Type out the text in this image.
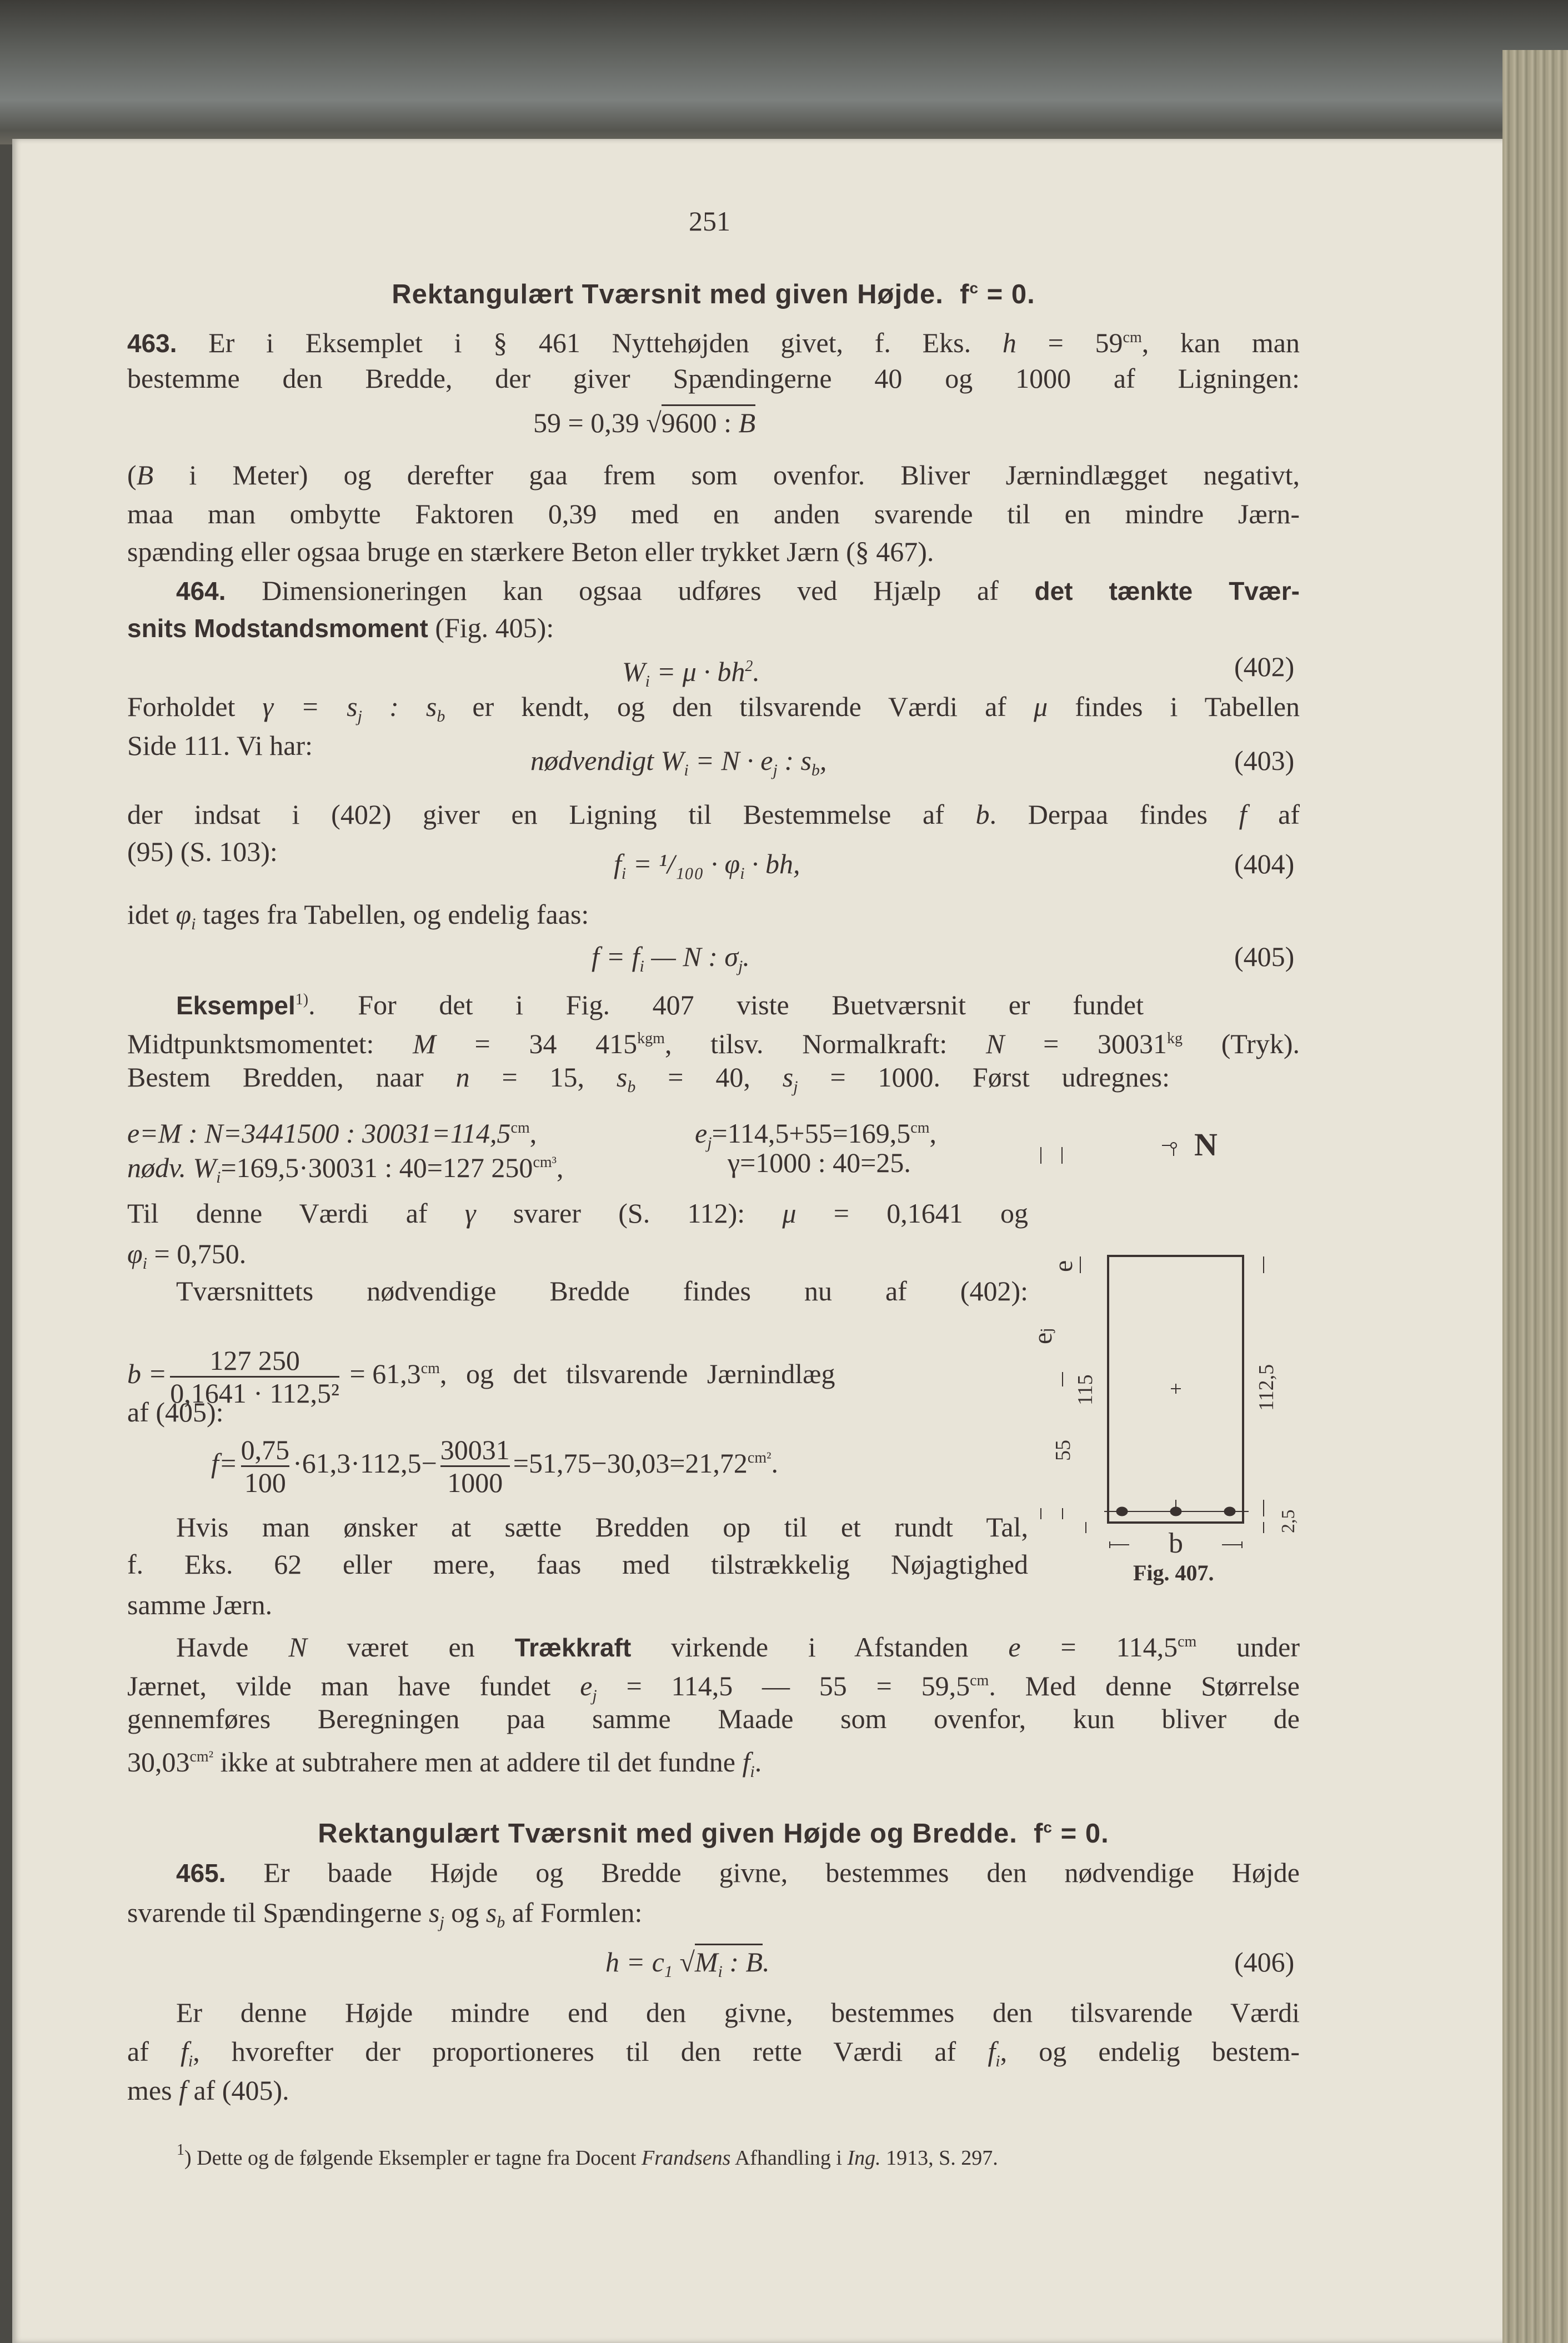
251
Rektangulært Tværsnit med given Højde. $f^c = 0$.
463. Er i Eksemplet i § 461 Nyttehøjden givet, f. Eks. $h = 59^{cm}$, kan man
bestemme den Bredde, der giver Spændingerne 40 og 1000 af Ligningen:
59 = 0,39 √9600 : B
(B i Meter) og derefter gaa frem som ovenfor. Bliver Jærnindlægget negativt,
maa man ombytte Faktoren 0,39 med en anden svarende til en mindre Jærn-
spænding eller ogsaa bruge en stærkere Beton eller trykket Jærn (§ 467).
464. Dimensioneringen kan ogsaa udføres ved Hjælp af det tænkte Tvær-
snits Modstandsmoment (Fig. 405):
$W_i = \mu \cdot bh^2$.	(402)
Forholdet $\gamma = s_j$ : $s_b$ er kendt, og den tilsvarende Værdi af μ findes i Tabellen
Side 111. Vi har:	nødvendigt $W_i = N \cdot e_j$ : $s_b$,	(403)
der indsat i (402) giver en Ligning til Bestemmelse af b. Derpaa findes f af
(95) (S. 103):	$f_i = ^1/_{100} \cdot \varphi_i$ · bh,	(404)
idet $\varphi_i$ tages fra Tabellen, og endelig faas:
$f = f_i$ — N : $\sigma_j$.	(405)
Eksempel$^{1)}$. For det i Fig. 407 viste Buetværsnit er fundet
Midtpunktsmomentet: M = 34 $415^{kgm}$, tilsv. Normalkraft: $N = 30031^{kg}$ (Tryk).
Bestem Bredden, naar n = 15, $s_b = 40$, $s_j = 1000$. Først udregnes:
e=M : N=3441500 : $30031=114,5^{cm}$,	$e_j=114,5+55=169,5^{cm}$,
nødv. $W_i=169,5\cdot 30031$ : 40=127 $250^{cm^3}$,	γ=1000 : 40=25.
Til denne Værdi af γ svarer (S. 112): μ = 0,1641 og
$\varphi_i = 0,750$.
Tværsnittets nødvendige Bredde findes nu af (402):
$b = \frac{127 250}{\text{0,1641 · 112,5²}} = 61,3^{cm}$, og det tilsvarende Jærnindlæg
af (405):
$f= \frac{0,75}{100} \cdot 61,3\cdot 112,5- \frac{30031}{1000} =51,75-30,03=21,72^{cm^2}$.
Hvis man ønsker at sætte Bredden op til et rundt Tal,
f. Eks. 62 eller mere, faas med tilstrækkelig Nøjagtighed
samme Jærn.
Havde N været en Trækkraft virkende i Afstanden $e = 114,5^{cm}$ under
Jærnet, vilde man have fundet $e_j = 114,5$ — $55 = 59,5^{cm}$. Med denne Størrelse
gennemføres Beregningen paa samme Maade som ovenfor, kun bliver de
$30,03^{cm^2}$ ikke at subtrahere men at addere til det fundne $f_i$.
Rektangulært Tværsnit med given Højde og Bredde. $f^c = 0$.
465. Er baade Højde og Bredde givne, bestemmes den nødvendige Højde
svarende til Spændingerne $s_j$ og $s_b$ af Formlen:
$h = c_1$ $√M_i$ : B.	(406)
Er denne Højde mindre end den givne, bestemmes den tilsvarende Værdi
af $f_i$, hvorefter der proportioneres til den rette Værdi af $f_i$, og endelig bestem-
mes f af (405).
$^1$) Dette og de følgende Eksempler er tagne fra Docent Frandsens Afhandling i Ing. 1913, S. 297.
N
e
ej
115
55
112,5
2,5
b
Fig. 407.
